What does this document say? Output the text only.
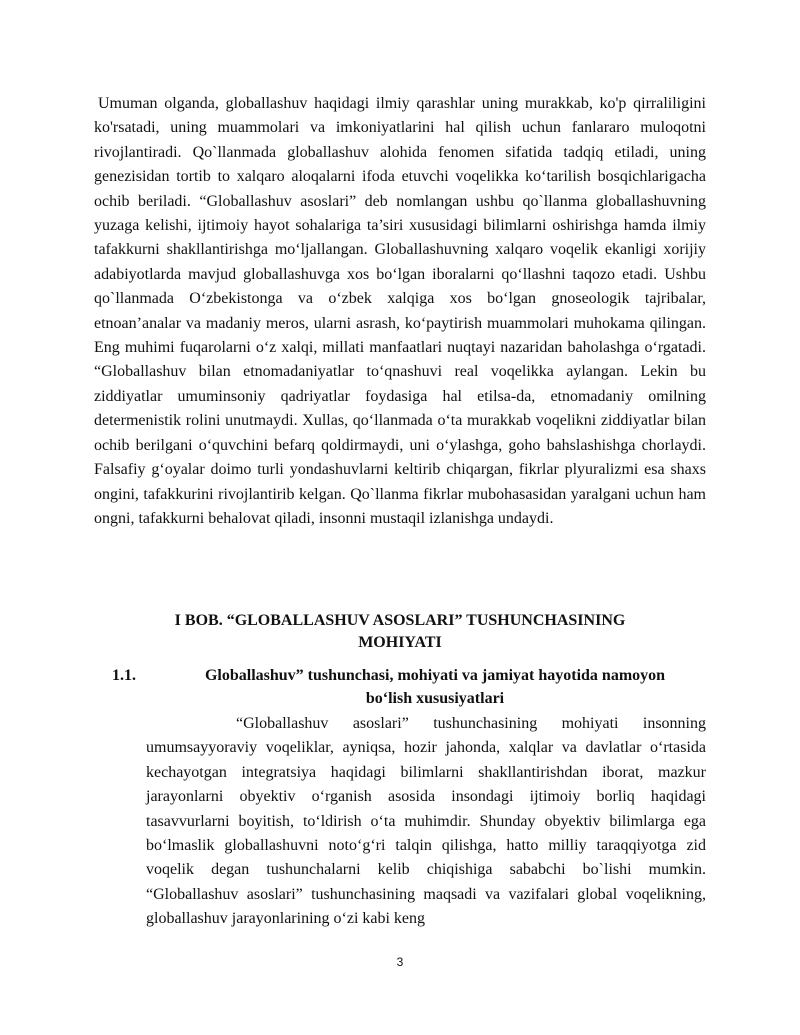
Umuman olganda, globallashuv haqidagi ilmiy qarashlar uning murakkab, ko'p qirraliligini ko'rsatadi, uning muammolari va imkoniyatlarini hal qilish uchun fanlararo muloqotni rivojlantiradi. Qo`llanmada globallashuv alohida fenomen sifatida tadqiq etiladi, uning genezisidan tortib to xalqaro aloqalarni ifoda etuvchi voqelikka ko‘tarilish bosqichlarigacha ochib beriladi. “Globallashuv asoslari” deb nomlangan ushbu qo`llanma globallashuvning yuzaga kelishi, ijtimoiy hayot sohalariga ta’siri xususidagi bilimlarni oshirishga hamda ilmiy tafakkurni shakllantirishga mo‘ljallangan. Globallashuvning xalqaro voqelik ekanligi xorijiy adabiyotlarda mavjud globallashuvga xos bo‘lgan iboralarni qo‘llashni taqozo etadi. Ushbu qo`llanmada O‘zbekistonga va o‘zbek xalqiga xos bo‘lgan gnoseologik tajribalar, etnoan’analar va madaniy meros, ularni asrash, ko‘paytirish muammolari muhokama qilingan. Eng muhimi fuqarolarni o‘z xalqi, millati manfaatlari nuqtayi nazaridan baholashga o‘rgatadi. “Globallashuv bilan etnomadaniyatlar to‘qnashuvi real voqelikka aylangan. Lekin bu ziddiyatlar umuminsoniy qadriyatlar foydasiga hal etilsa-da, etnomadaniy omilning determenistik rolini unutmaydi. Xullas, qo‘llanmada o‘ta murakkab voqelikni ziddiyatlar bilan ochib berilgani o‘quvchini befarq qoldirmaydi, uni o‘ylashga, goho bahslashishga chorlaydi. Falsafiy g‘oyalar doimo turli yondashuvlarni keltirib chiqargan, fikrlar plyuralizmi esa shaxs ongini, tafakkurini rivojlantirib kelgan. Qo`llanma fikrlar mubohasasidan yaralgani uchun ham ongni, tafakkurni behalovat qiladi, insonni mustaqil izlanishga undaydi.

I BOB. “GLOBALLASHUV ASOSLARI” TUSHUNCHASINING
MOHIYATI
1.1.	Globallashuv” tushunchasi, mohiyati va jamiyat hayotida namoyon
bo‘lish xususiyatlari

“Globallashuv asoslari” tushunchasining mohiyati insonning umumsayyoraviy voqeliklar, ayniqsa, hozir jahonda, xalqlar va davlatlar o‘rtasida kechayotgan integratsiya haqidagi bilimlarni shakllantirishdan iborat, mazkur jarayonlarni obyektiv o‘rganish asosida insondagi ijtimoiy borliq haqidagi tasavvurlarni boyitish, to‘ldirish o‘ta muhimdir. Shunday obyektiv bilimlarga ega bo‘lmaslik globallashuvni noto‘g‘ri talqin qilishga, hatto milliy taraqqiyotga zid voqelik degan tushunchalarni kelib chiqishiga sababchi bo`lishi mumkin. “Globallashuv asoslari” tushunchasining maqsadi va vazifalari global voqelikning, globallashuv jarayonlarining o‘zi kabi keng

3
